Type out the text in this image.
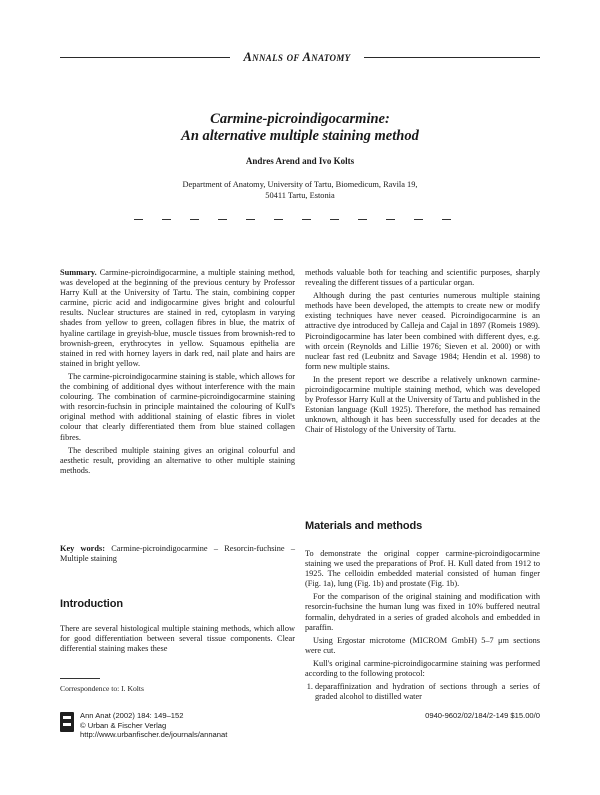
Annals of Anatomy
Carmine-picroindigocarmine:
An alternative multiple staining method
Andres Arend and Ivo Kolts
Department of Anatomy, University of Tartu, Biomedicum, Ravila 19,
50411 Tartu, Estonia

Summary. Carmine-picroindigocarmine, a multiple staining method, was developed at the beginning of the previous century by Professor Harry Kull at the University of Tartu. The stain, combining copper carmine, picric acid and indigocarmine gives bright and colourful results. Nuclear structures are stained in red, cytoplasm in varying shades from yellow to green, collagen fibres in blue, the matrix of hyaline cartilage in greyish-blue, muscle tissues from brownish-red to brownish-green, erythrocytes in yellow. Squamous epithelia are stained in red with horney layers in dark red, nail plate and hairs are stained in bright yellow.

The carmine-picroindigocarmine staining is stable, which allows for the combining of additional dyes without interference with the main colouring. The combination of carmine-picroindigocarmine staining with resorcin-fuchsin in principle maintained the colouring of Kull's original method with additional staining of elastic fibres in violet colour that clearly differentiated them from blue stained collagen fibres.

The described multiple staining gives an original colourful and aesthetic result, providing an alternative to other multiple staining methods.

Key words: Carmine-picroindigocarmine – Resorcin-fuchsine – Multiple staining

Introduction

There are several histological multiple staining methods, which allow for good differentiation between several tissue components. Clear differential staining makes these

methods valuable both for teaching and scientific purposes, sharply revealing the different tissues of a particular organ.

Although during the past centuries numerous multiple staining methods have been developed, the attempts to create new or modify existing techniques have never ceased. Picroindigocarmine is an attractive dye introduced by Calleja and Cajal in 1897 (Romeis 1989). Picroindigocarmine has later been combined with different dyes, e.g. with orcein (Reynolds and Lillie 1976; Sieven et al. 2000) or with nuclear fast red (Leubnitz and Savage 1984; Hendin et al. 1998) to form new multiple stains.

In the present report we describe a relatively unknown carmine-picroindigocarmine multiple staining method, which was developed by Professor Harry Kull at the University of Tartu and published in the Estonian language (Kull 1925). Therefore, the method has remained unknown, although it has been successfully used for decades at the Chair of Histology of the University of Tartu.

Materials and methods

To demonstrate the original copper carmine-picroindigocarmine staining we used the preparations of Prof. H. Kull dated from 1912 to 1925. The celloidin embedded material consisted of human finger (Fig. 1a), lung (Fig. 1b) and prostate (Fig. 1b).

For the comparison of the original staining and modification with resorcin-fuchsine the human lung was fixed in 10% buffered neutral formalin, dehydrated in a series of graded alcohols and embedded in paraffin.

Using Ergostar microtome (MICROM GmbH) 5–7 μm sections were cut.

Kull's original carmine-picroindigocarmine staining was performed according to the following protocol:

1. deparaffinization and hydration of sections through a series of graded alcohol to distilled water
Correspondence to: I. Kolts
Ann Anat (2002) 184: 149–152
© Urban & Fischer Verlag
http://www.urbanfischer.de/journals/annanat
0940-9602/02/184/2-149 $15.00/0
